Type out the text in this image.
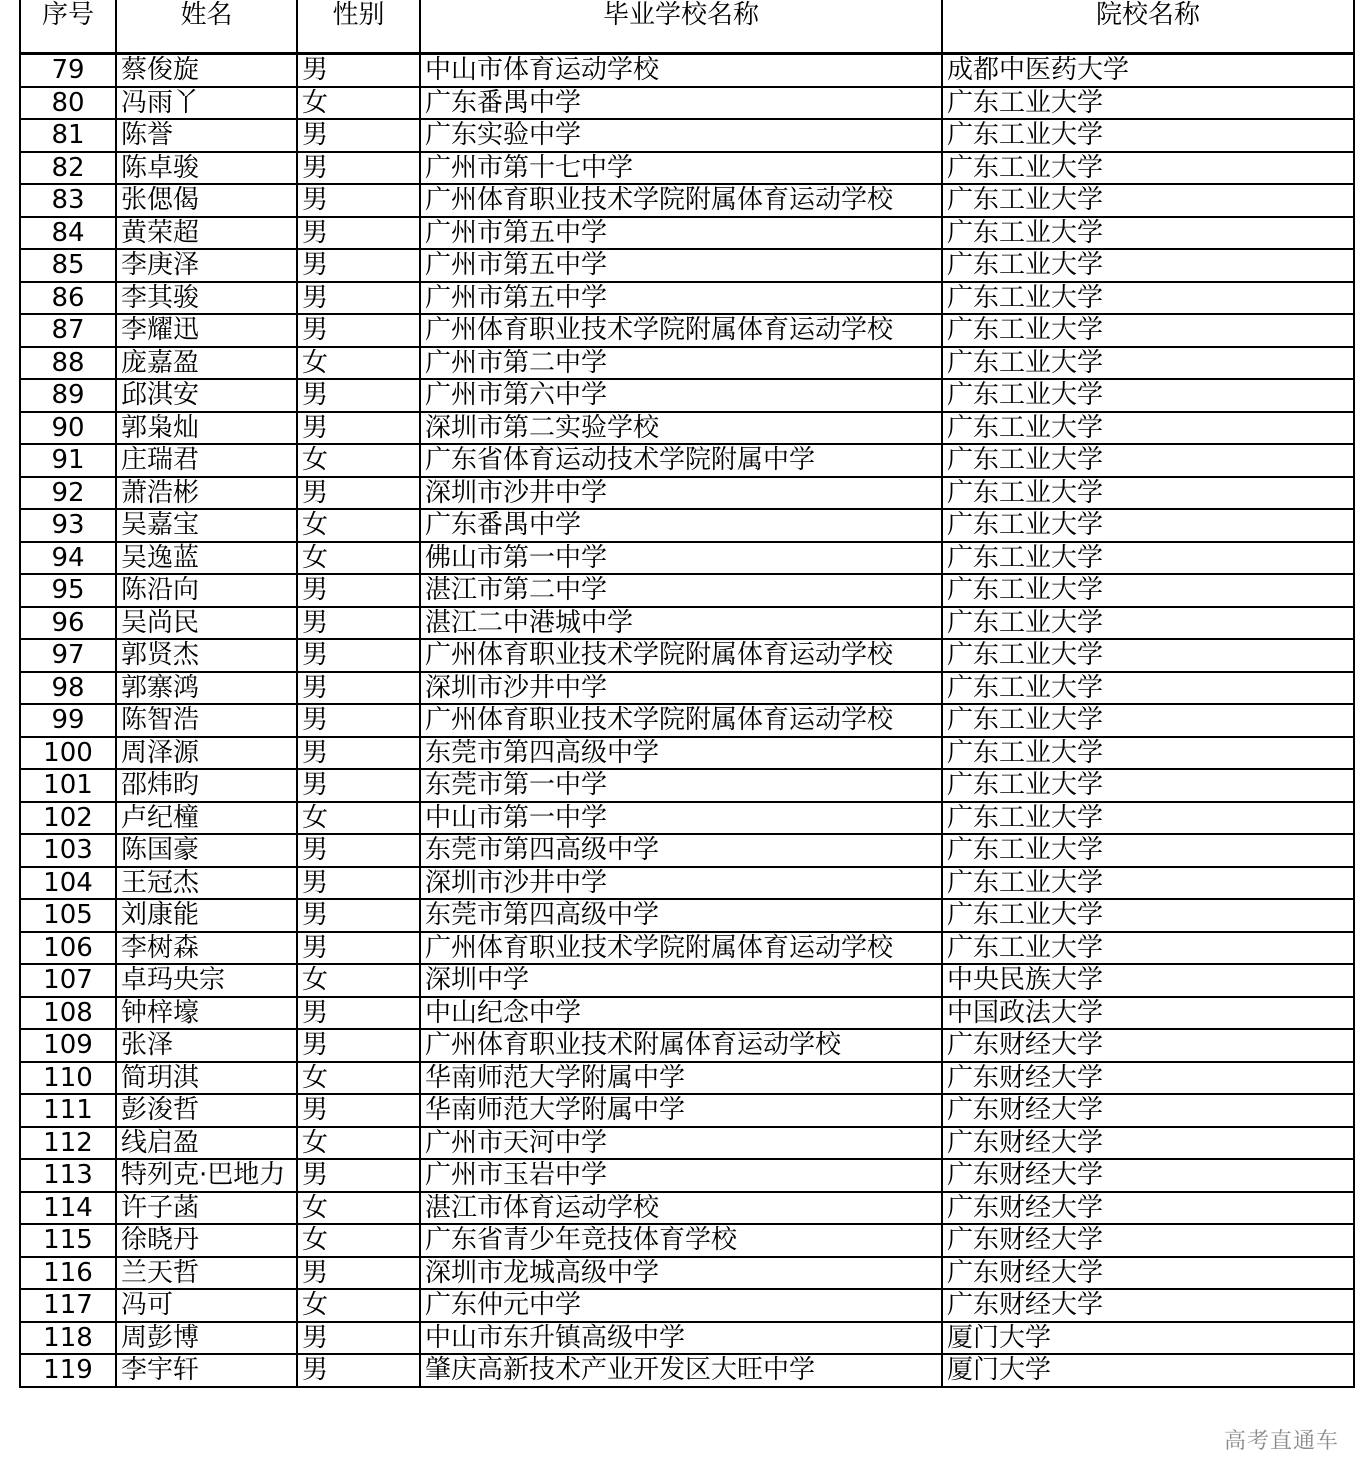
序号	姓名	性别	毕业学校名称	院校名称
79	蔡俊旋	男	中山市体育运动学校	成都中医药大学
80	冯雨丫	女	广东番禺中学	广东工业大学
81	陈誉	男	广东实验中学	广东工业大学
82	陈卓骏	男	广州市第十七中学	广东工业大学
83	张偲偈	男	广州体育职业技术学院附属体育运动学校	广东工业大学
84	黄荣超	男	广州市第五中学	广东工业大学
85	李庚泽	男	广州市第五中学	广东工业大学
86	李其骏	男	广州市第五中学	广东工业大学
87	李耀迅	男	广州体育职业技术学院附属体育运动学校	广东工业大学
88	庞嘉盈	女	广州市第二中学	广东工业大学
89	邱淇安	男	广州市第六中学	广东工业大学
90	郭枭灿	男	深圳市第二实验学校	广东工业大学
91	庄瑞君	女	广东省体育运动技术学院附属中学	广东工业大学
92	萧浩彬	男	深圳市沙井中学	广东工业大学
93	吴嘉宝	女	广东番禺中学	广东工业大学
94	吴逸蓝	女	佛山市第一中学	广东工业大学
95	陈沿向	男	湛江市第二中学	广东工业大学
96	吴尚民	男	湛江二中港城中学	广东工业大学
97	郭贤杰	男	广州体育职业技术学院附属体育运动学校	广东工业大学
98	郭寨鸿	男	深圳市沙井中学	广东工业大学
99	陈智浩	男	广州体育职业技术学院附属体育运动学校	广东工业大学
100	周泽源	男	东莞市第四高级中学	广东工业大学
101	邵炜昀	男	东莞市第一中学	广东工业大学
102	卢纪橦	女	中山市第一中学	广东工业大学
103	陈国豪	男	东莞市第四高级中学	广东工业大学
104	王冠杰	男	深圳市沙井中学	广东工业大学
105	刘康能	男	东莞市第四高级中学	广东工业大学
106	李树森	男	广州体育职业技术学院附属体育运动学校	广东工业大学
107	卓玛央宗	女	深圳中学	中央民族大学
108	钟梓壕	男	中山纪念中学	中国政法大学
109	张泽	男	广州体育职业技术附属体育运动学校	广东财经大学
110	简玥淇	女	华南师范大学附属中学	广东财经大学
111	彭浚哲	男	华南师范大学附属中学	广东财经大学
112	线启盈	女	广州市天河中学	广东财经大学
113	特列克·巴地力	男	广州市玉岩中学	广东财经大学
114	许子菡	女	湛江市体育运动学校	广东财经大学
115	徐晓丹	女	广东省青少年竞技体育学校	广东财经大学
116	兰天哲	男	深圳市龙城高级中学	广东财经大学
117	冯可	女	广东仲元中学	广东财经大学
118	周彭博	男	中山市东升镇高级中学	厦门大学
119	李宇轩	男	肇庆高新技术产业开发区大旺中学	厦门大学
高考直通车
